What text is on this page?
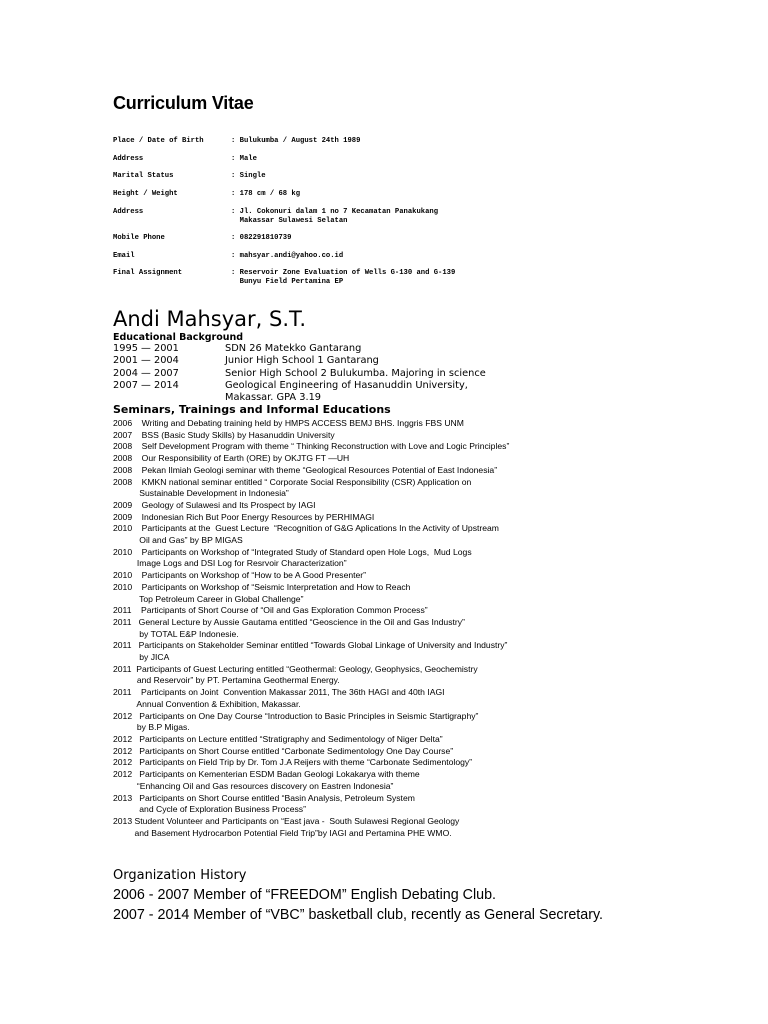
Curriculum Vitae
Place / Date of Birth	: Bulukumba / August 24th 1989
Address	: Male
Marital Status	: Single
Height / Weight	: 178 cm / 68 kg
Address	: Jl. Cokonuri dalam 1 no 7 Kecamatan Panakukang
Makassar Sulawesi Selatan
Mobile Phone	: 082291810739
Email	: mahsyar.andi@yahoo.co.id
Final Assignment	: Reservoir Zone Evaluation of Wells G-130 and G-139
Bunyu Field Pertamina EP
Andi Mahsyar, S.T.
Educational Background
1995 — 2001	SDN 26 Matekko Gantarang
2001 — 2004	Junior High School 1 Gantarang
2004 — 2007	Senior High School 2 Bulukumba. Majoring in science
2007 — 2014	Geological Engineering of Hasanuddin University,
Makassar. GPA 3.19
Seminars, Trainings and Informal Educations
2006    Writing and Debating training held by HMPS ACCESS BEMJ BHS. Inggris FBS UNM
2007    BSS (Basic Study Skills) by Hasanuddin University
2008    Self Development Program with theme “ Thinking Reconstruction with Love and Logic Principles”
2008    Our Responsibility of Earth (ORE) by OKJTG FT —UH
2008    Pekan Ilmiah Geologi seminar with theme “Geological Resources Potential of East Indonesia”
2008    KMKN national seminar entitled “ Corporate Social Responsibility (CSR) Application on
Sustainable Development in Indonesia”
2009    Geology of Sulawesi and Its Prospect by IAGI
2009    Indonesian Rich But Poor Energy Resources by PERHIMAGI
2010    Participants at the  Guest Lecture  “Recognition of G&G Aplications In the Activity of Upstream
Oil and Gas” by BP MIGAS
2010    Participants on Workshop of “Integrated Study of Standard open Hole Logs,  Mud Logs
Image Logs and DSI Log for Resrvoir Characterization”
2010    Participants on Workshop of “How to be A Good Presenter”
2010    Participants on Workshop of “Seismic Interpretation and How to Reach
Top Petroleum Career in Global Challenge”
2011    Participants of Short Course of “Oil and Gas Exploration Common Process”
2011   General Lecture by Aussie Gautama entitled “Geoscience in the Oil and Gas Industry”
by TOTAL E&P Indonesie.
2011   Participants on Stakeholder Seminar entitled “Towards Global Linkage of University and Industry”
by JICA
2011  Participants of Guest Lecturing entitled “Geothermal: Geology, Geophysics, Geochemistry
and Reservoir” by PT. Pertamina Geothermal Energy.
2011    Participants on Joint  Convention Makassar 2011, The 36th HAGI and 40th IAGI
Annual Convention & Exhibition, Makassar.
2012   Participants on One Day Course “Introduction to Basic Principles in Seismic Startigraphy”
by B.P Migas.
2012   Participants on Lecture entitled “Stratigraphy and Sedimentology of Niger Delta”
2012   Participants on Short Course entitled “Carbonate Sedimentology One Day Course”
2012   Participants on Field Trip by Dr. Tom J.A Reijers with theme “Carbonate Sedimentology”
2012   Participants on Kementerian ESDM Badan Geologi Lokakarya with theme
“Enhancing Oil and Gas resources discovery on Eastren Indonesia”
2013   Participants on Short Course entitled “Basin Analysis, Petroleum System
and Cycle of Exploration Business Process”
2013 Student Volunteer and Participants on “East java -  South Sulawesi Regional Geology
and Basement Hydrocarbon Potential Field Trip”by IAGI and Pertamina PHE WMO.
Organization History
2006 - 2007 Member of “FREEDOM” English Debating Club.
2007 - 2014 Member of “VBC” basketball club, recently as General Secretary.
